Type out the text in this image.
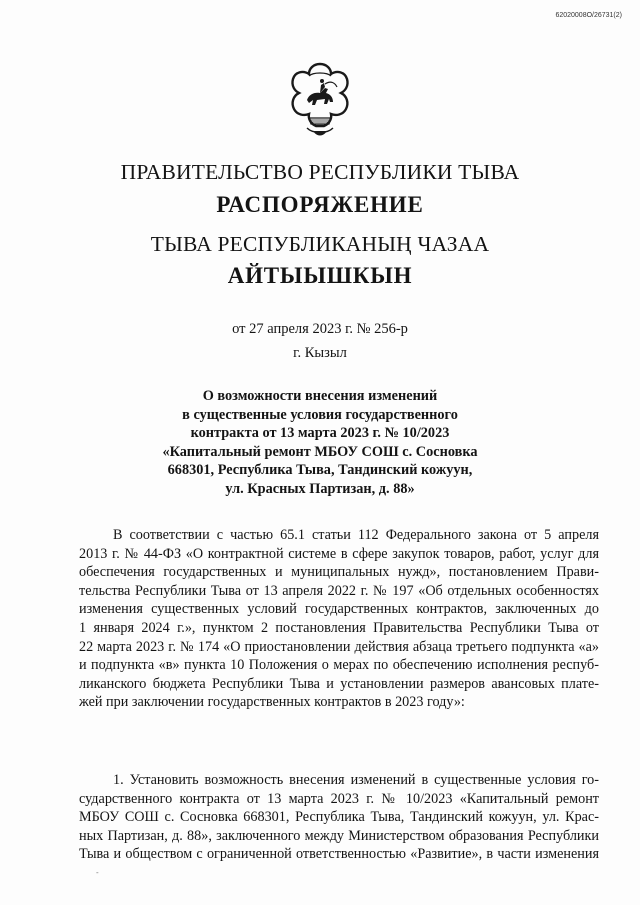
62020008О/26731(2)
ПРАВИТЕЛЬСТВО РЕСПУБЛИКИ ТЫВА
РАСПОРЯЖЕНИЕ
ТЫВА РЕСПУБЛИКАНЫҢ ЧАЗАА
АЙТЫЫШКЫН
от 27 апреля 2023 г. № 256-р
г. Кызыл
О возможности внесения изменений
в существенные условия государственного
контракта от 13 марта 2023 г. № 10/2023
«Капитальный ремонт МБОУ СОШ с. Сосновка
668301, Республика Тыва, Тандинский кожуун,
ул. Красных Партизан, д. 88»
В соответствии с частью 65.1 статьи 112 Федерального закона от 5 апреля
2013 г. № 44-ФЗ «О контрактной системе в сфере закупок товаров, работ, услуг для
обеспечения государственных и муниципальных нужд», постановлением Прави-
тельства Республики Тыва от 13 апреля 2022 г. № 197 «Об отдельных особенностях
изменения существенных условий государственных контрактов, заключенных до
1 января 2024 г.», пунктом 2 постановления Правительства Республики Тыва от
22 марта 2023 г. № 174 «О приостановлении действия абзаца третьего подпункта «а»
и подпункта «в» пункта 10 Положения о мерах по обеспечению исполнения респуб-
ликанского бюджета Республики Тыва и установлении размеров авансовых плате-
жей при заключении государственных контрактов в 2023 году»:
1. Установить возможность внесения изменений в существенные условия го-
сударственного контракта от 13 марта 2023 г. № 10/2023 «Капитальный ремонт
МБОУ СОШ с. Сосновка 668301, Республика Тыва, Тандинский кожуун, ул. Крас-
ных Партизан, д. 88», заключенного между Министерством образования Республики
Тыва и обществом с ограниченной ответственностью «Развитие», в части изменения
‑
